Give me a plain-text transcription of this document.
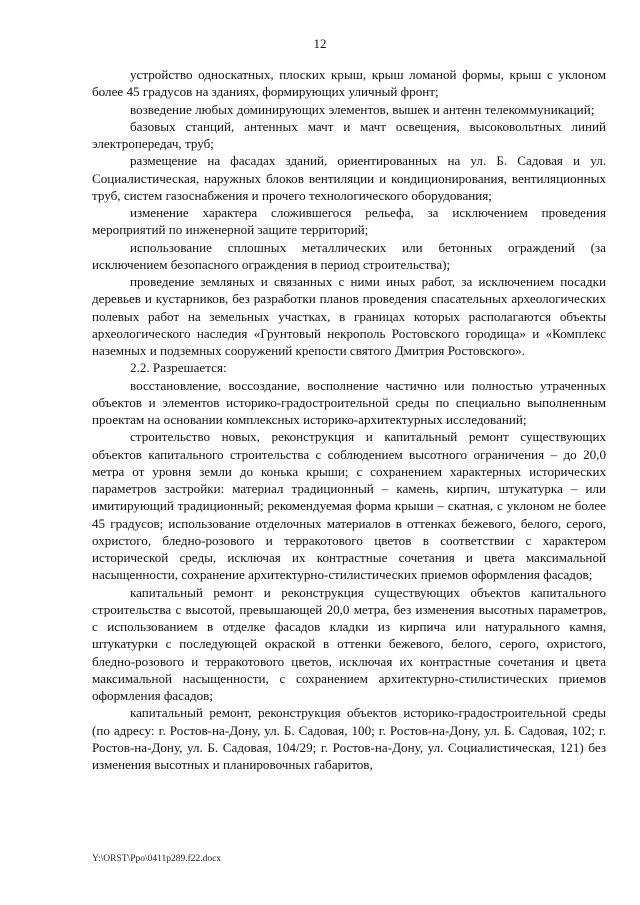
12

устройство односкатных, плоских крыш, крыш ломаной формы, крыш с уклоном более 45 градусов на зданиях, формирующих уличный фронт;

возведение любых доминирующих элементов, вышек и антенн телекоммуникаций;

базовых станций, антенных мачт и мачт освещения, высоковольтных линий электропередач, труб;

размещение на фасадах зданий, ориентированных на ул. Б. Садовая и ул. Социалистическая, наружных блоков вентиляции и кондиционирования, вентиляционных труб, систем газоснабжения и прочего технологического оборудования;

изменение характера сложившегося рельефа, за исключением проведения мероприятий по инженерной защите территорий;

использование сплошных металлических или бетонных ограждений (за исключением безопасного ограждения в период строительства);

проведение земляных и связанных с ними иных работ, за исключением посадки деревьев и кустарников, без разработки планов проведения спасательных археологических полевых работ на земельных участках, в границах которых располагаются объекты археологического наследия «Грунтовый некрополь Ростовского городища» и «Комплекс наземных и подземных сооружений крепости святого Дмитрия Ростовского».

2.2. Разрешается:

восстановление, воссоздание, восполнение частично или полностью утраченных объектов и элементов историко-градостроительной среды по специально выполненным проектам на основании комплексных историко-архитектурных исследований;

строительство новых, реконструкция и капитальный ремонт существующих объектов капитального строительства с соблюдением высотного ограничения – до 20,0 метра от уровня земли до конька крыши; с сохранением характерных исторических параметров застройки: материал традиционный – камень, кирпич, штукатурка – или имитирующий традиционный; рекомендуемая форма крыши – скатная, с уклоном не более 45 градусов; использование отделочных материалов в оттенках бежевого, белого, серого, охристого, бледно-розового и терракотового цветов в соответствии с характером исторической среды, исключая их контрастные сочетания и цвета максимальной насыщенности, сохранение архитектурно-стилистических приемов оформления фасадов;

капитальный ремонт и реконструкция существующих объектов капитального строительства с высотой, превышающей 20,0 метра, без изменения высотных параметров, с использованием в отделке фасадов кладки из кирпича или натурального камня, штукатурки с последующей окраской в оттенки бежевого, белого, серого, охристого, бледно-розового и терракотового цветов, исключая их контрастные сочетания и цвета максимальной насыщенности, с сохранением архитектурно-стилистических приемов оформления фасадов;

капитальный ремонт, реконструкция объектов историко-градостроительной среды (по адресу: г. Ростов-на-Дону, ул. Б. Садовая, 100; г. Ростов-на-Дону, ул. Б. Садовая, 102; г. Ростов-на-Дону, ул. Б. Садовая, 104/29; г. Ростов-на-Дону, ул. Социалистическая, 121) без изменения высотных и планировочных габаритов,

Y:\ORST\Ppo\0411p289.f22.docx
